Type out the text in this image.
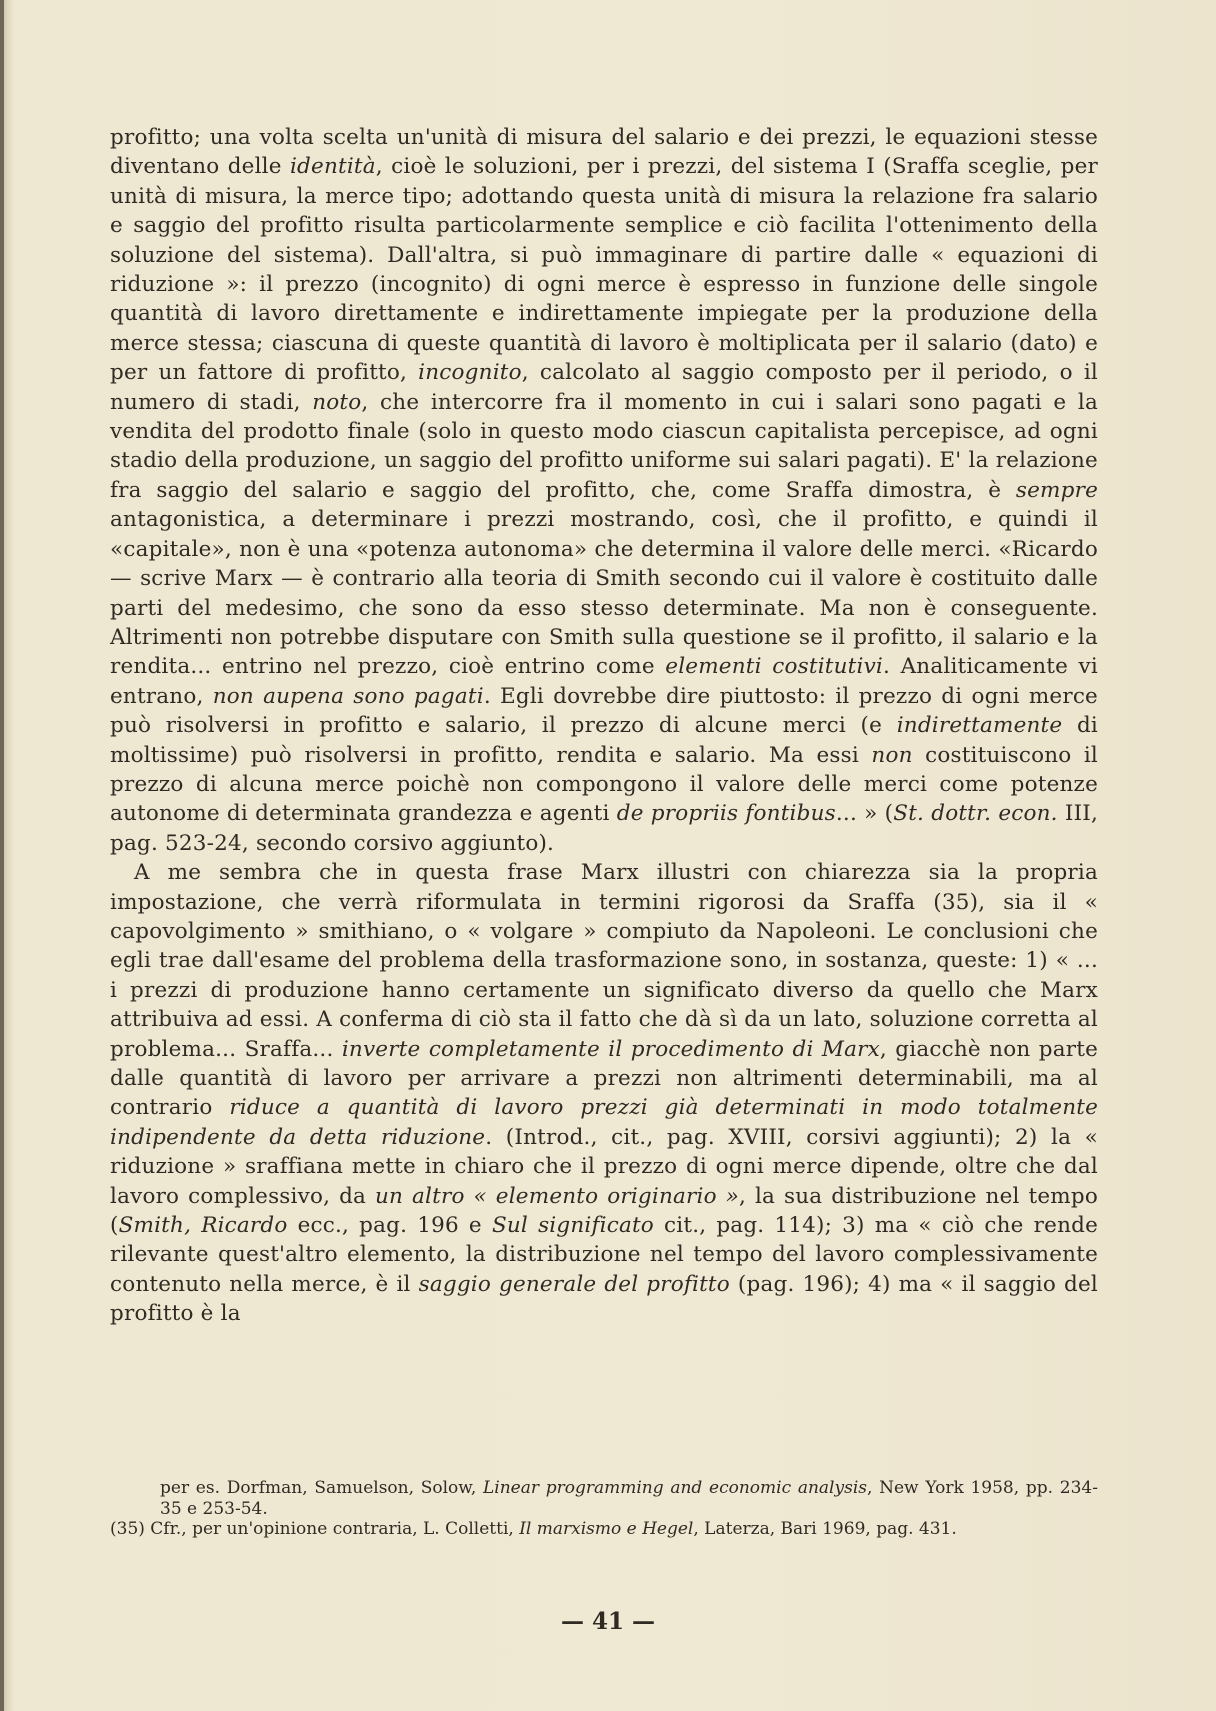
profitto; una volta scelta un'unità di misura del salario e dei prezzi, le equazioni stesse diventano delle identità, cioè le soluzioni, per i prezzi, del sistema I (Sraffa sceglie, per unità di misura, la merce tipo; adottando questa unità di misura la relazione fra salario e saggio del profitto risulta particolarmente semplice e ciò facilita l'ottenimento della soluzione del sistema). Dall'altra, si può immaginare di partire dalle « equazioni di riduzione »: il prezzo (incognito) di ogni merce è espresso in funzione delle singole quantità di lavoro direttamente e indirettamente impiegate per la produzione della merce stessa; ciascuna di queste quantità di lavoro è moltiplicata per il salario (dato) e per un fattore di profitto, incognito, calcolato al saggio composto per il periodo, o il numero di stadi, noto, che intercorre fra il momento in cui i salari sono pagati e la vendita del prodotto finale (solo in questo modo ciascun capitalista percepisce, ad ogni stadio della produzione, un saggio del profitto uniforme sui salari pagati). E' la relazione fra saggio del salario e saggio del profitto, che, come Sraffa dimostra, è sempre antagonistica, a determinare i prezzi mostrando, così, che il profitto, e quindi il «capitale», non è una «potenza autonoma» che determina il valore delle merci. «Ricardo — scrive Marx — è contrario alla teoria di Smith secondo cui il valore è costituito dalle parti del medesimo, che sono da esso stesso determinate. Ma non è conseguente. Altrimenti non potrebbe disputare con Smith sulla questione se il profitto, il salario e la rendita... entrino nel prezzo, cioè entrino come elementi costitutivi. Analiticamente vi entrano, non aupena sono pagati. Egli dovrebbe dire piuttosto: il prezzo di ogni merce può risolversi in profitto e salario, il prezzo di alcune merci (e indirettamente di moltissime) può risolversi in profitto, rendita e salario. Ma essi non costituiscono il prezzo di alcuna merce poichè non compongono il valore delle merci come potenze autonome di determinata grandezza e agenti de propriis fontibus... » (St. dottr. econ. III, pag. 523-24, secondo corsivo aggiunto).

A me sembra che in questa frase Marx illustri con chiarezza sia la propria impostazione, che verrà riformulata in termini rigorosi da Sraffa (35), sia il « capovolgimento » smithiano, o « volgare » compiuto da Napoleoni. Le conclusioni che egli trae dall'esame del problema della trasformazione sono, in sostanza, queste: 1) « ... i prezzi di produzione hanno certamente un significato diverso da quello che Marx attribuiva ad essi. A conferma di ciò sta il fatto che dà sì da un lato, soluzione corretta al problema... Sraffa... inverte completamente il procedimento di Marx, giacchè non parte dalle quantità di lavoro per arrivare a prezzi non altrimenti determinabili, ma al contrario riduce a quantità di lavoro prezzi già determinati in modo totalmente indipendente da detta riduzione. (Introd., cit., pag. XVIII, corsivi aggiunti); 2) la « riduzione » sraffiana mette in chiaro che il prezzo di ogni merce dipende, oltre che dal lavoro complessivo, da un altro « elemento originario », la sua distribuzione nel tempo (Smith, Ricardo ecc., pag. 196 e Sul significato cit., pag. 114); 3) ma « ciò che rende rilevante quest'altro elemento, la distribuzione nel tempo del lavoro complessivamente contenuto nella merce, è il saggio generale del profitto (pag. 196); 4) ma « il saggio del profitto è la

per es. Dorfman, Samuelson, Solow, Linear programming and economic analysis, New York 1958, pp. 234-35 e 253-54.

(35) Cfr., per un'opinione contraria, L. Colletti, Il marxismo e Hegel, Laterza, Bari 1969, pag. 431.

— 41 —
